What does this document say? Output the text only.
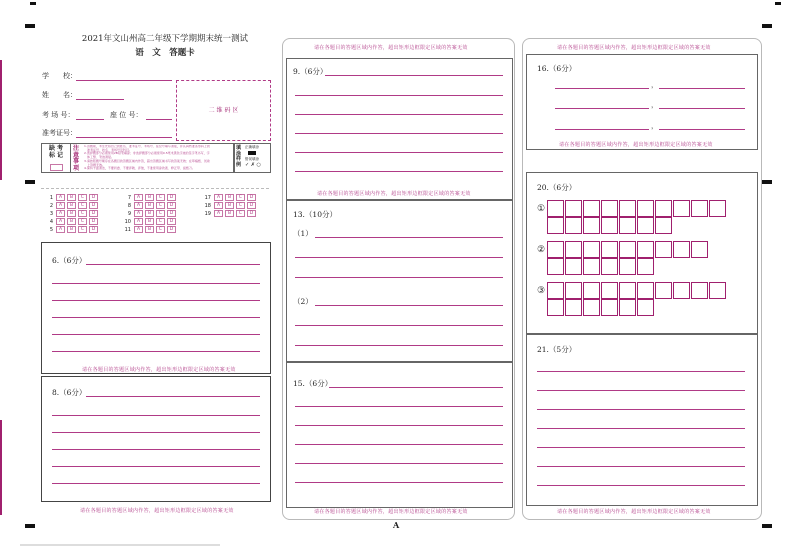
2021年文山州高二年级下学期期末统一测试
语　文　答题卡
学　　校：
姓　　名：
考 场 号：	座 位 号：
准考证号：
二 维 码 区
缺 考 标 记
注意事项
1.答题前，考生先将自己的姓名、准考证号、考场号、座位号填写清楚，并认真核准条形码上的
　准考证号、姓名、考场号及科目。
2.选择题部分必须使用2B铅笔填涂；非选择题部分必须使用0.5毫米黑色字迹的签字笔书写，字
　体工整、笔迹清楚。
3.请按照题号顺序在各题目的答题区域内作答，超出答题区域书写的答案无效；在草稿纸、试卷
　上答题无效。
4.保持卡面清洁，不要折叠、不要弄破、弄皱，不准使用涂改液、修正带、刮纸刀。
填涂样例
正确填涂
错误填涂
✓ ✗ ○
1 A B C D
2 A B C D
3 A B C D
4 A B C D
5 A B C D
7 A B C D
8 A B C D
9 A B C D
10 A B C D
11 A B C D
17 A B C D
18 A B C D
19 A B C D
6.（6分）
请在各题目的答题区域内作答，超出矩形边框限定区域的答案无效
8.（6分）
请在各题目的答题区域内作答，超出矩形边框限定区域的答案无效
请在各题目的答题区域内作答，超出矩形边框限定区域的答案无效
9.（6分）
请在各题目的答题区域内作答，超出矩形边框限定区域的答案无效
13.（10分）
（1）
（2）
15.（6分）
请在各题目的答题区域内作答，超出矩形边框限定区域的答案无效
请在各题目的答题区域内作答，超出矩形边框限定区域的答案无效
16.（6分）
，
，
，
请在各题目的答题区域内作答，超出矩形边框限定区域的答案无效
20.（6分）
①
②
③
21.（5分）
请在各题目的答题区域内作答，超出矩形边框限定区域的答案无效
A
